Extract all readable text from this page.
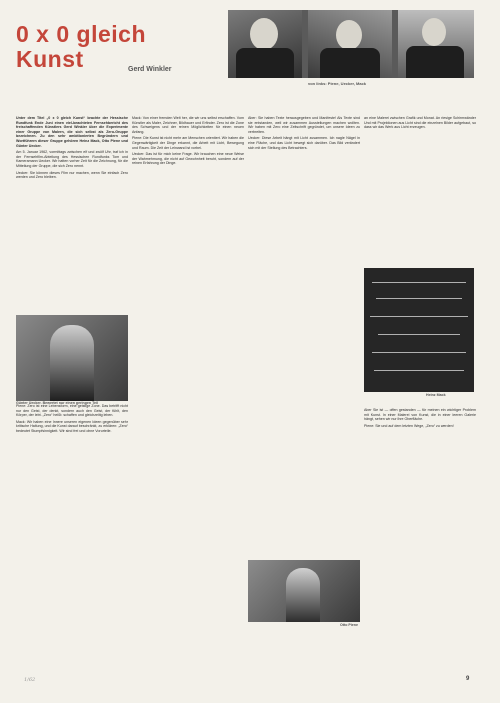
0 x 0 gleich
Kunst	Gerd Winkler
von links: Piene, Uecker, Mack

Unter dem Titel „0 x 0 gleich Kunst“ brachte der Hessische Rundfunk Ende Juni einen viel-beachteten Fernsehbericht des freischaffenden Künstlers Gerd Winkler über die Experimente einer Gruppe von Malern, die sich selbst als Zero-Gruppe bezeichnen. Zu den sehr ambitionierten Begründern und Wortführern dieser Gruppe gehören Heinz Mack, Otto Piene und Günter Uecker.

Am 5. Januar 1962, vormittags zwischen elf und zwölf Uhr, traf ich in der Fernsehfilm-Abteilung des Hessischen Rundfunks Tom und Kameramann Uecker. Wir hatten vorher Zeit für die Zeichnung, für die Mitteilung der Gruppe, die sich Zero nennt.

Uecker: Sie können dieses Film nur machen, wenn Sie einfach Zero werden und Zero bleiben.

Günter Uecker. Bewertet nur einen geringen Teil

Piene: Zero ist eine Lebensform, eine geistige Zone. Das betrifft nicht nur den Geist, der denkt, sondern auch den Geist, der fühlt, den Körper, der lebt. „Zero“ heißt: schaffen und gleichzeitig leben.

Mack: Wir haben eine Innere unseren eigenen Ideen gegenüber sehr kritische Haltung, und die Kunst darauf beschränkt, zu erklären: „Zero“ bedeutet Stumpfsinnigkeit. Wir sind frei und ohne Vorurteile.

Mack: Von einer fremden Welt her, die wir uns selbst erschaffen. Vom Künstler als Maler, Zeichner, Bildhauer und Erfinder. Zero ist die Zone des Schweigens und der reinen Möglichkeiten für einen neuen Anfang.

Piene: Die Kunst ist nicht mehr am Menschen orientiert. Wir haben die Gegenwärtigkeit der Dinge erkannt, die Arbeit mit Licht, Bewegung und Raum. Die Zeit der Leinwand ist vorbei.

Uecker: Das ist für mich keine Frage. Wir brauchen eine neue Weise der Wahrnehmung, die nicht auf Gewohnheit beruht, sondern auf der reinen Erfahrung der Dinge.

Aber: Sie haben Texte herausgegeben und Manifeste! Als Texte sind sie entstanden, weil wir zusammen Ausstellungen machen wollten. Wir haben mit Zero eine Zeitschrift gegründet, um unsere Ideen zu verbreiten.

Uecker: Diese Arbeit hängt mit Licht zusammen. Ich nagle Nägel in eine Fläche, und das Licht bewegt sich darüber. Das Bild verändert sich mit der Stellung des Betrachters.

Otto Piene

an eine Malerei zwischen Grafik und Monat. An riesige Schirmwänder Und mit Projektionen aus Licht sind die einzelnen Bilder aufgebaut, so dass wir das Werk aus Licht erzeugen.

Heinz Mack

Aber Sie ist — offen gestanden — für meinen ein wichtiger Problem mit Kunst. In einer Malerei von Kunst, die in einer leeren Galerie hängt, sehen wir nur ihre Oberfläche.

Piene: Sie und auf dem letzten Wege, „Zero“ zu werden!

1/62	9
